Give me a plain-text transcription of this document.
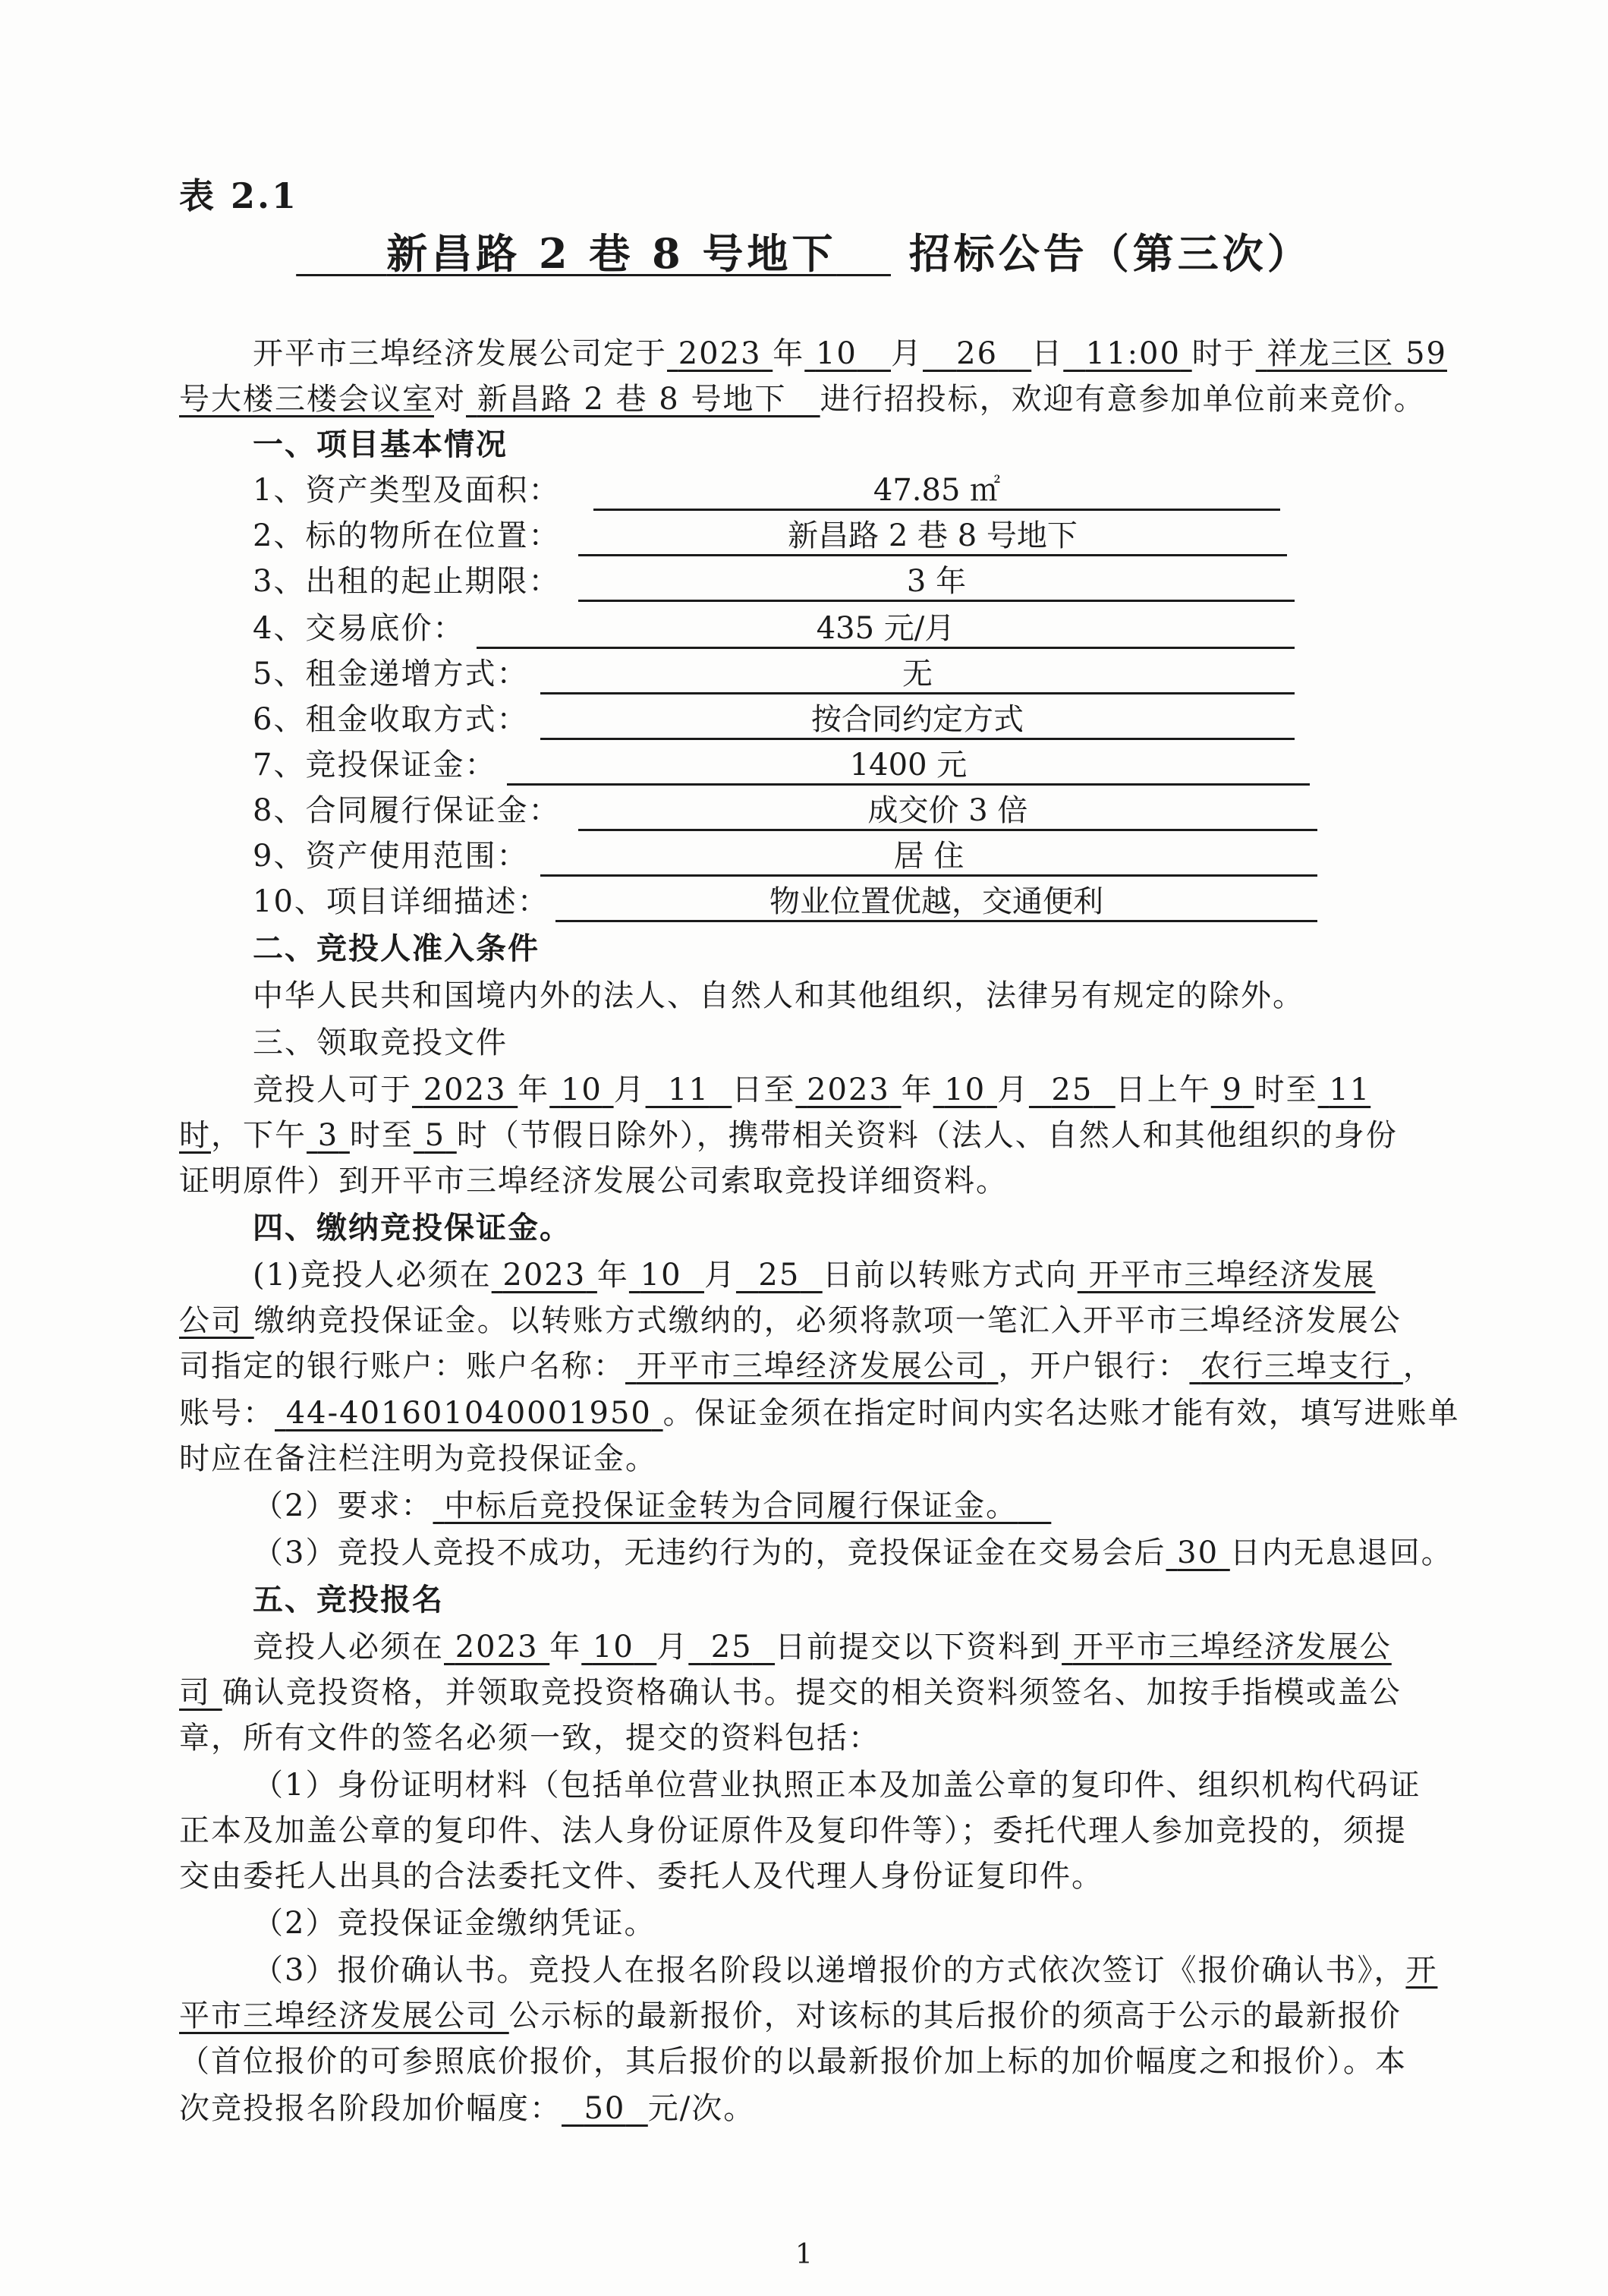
表 2.1
新昌路 2 巷 8 号地下 招标公告（第三次）
开平市三埠经济发展公司定于 2023 年 10 月 26 日 11:00 时于 祥龙三区 59
号大楼三楼会议室对 新昌路 2 巷 8 号地下 进行招投标，欢迎有意参加单位前来竞价。
一、项目基本情况
1、资产类型及面积：	47.85 ㎡
2、标的物所在位置：	新昌路 2 巷 8 号地下
3、出租的起止期限：	3 年
4、交易底价：	435 元/月
5、租金递增方式：	无
6、租金收取方式：	按合同约定方式
7、竞投保证金：	1400 元
8、合同履行保证金：	成交价 3 倍
9、资产使用范围：	居 住
10、项目详细描述：	物业位置优越，交通便利
二、竞投人准入条件
中华人民共和国境内外的法人、自然人和其他组织，法律另有规定的除外。
三、领取竞投文件
竞投人可于 2023 年 10 月 11 日至 2023 年 10 月 25 日上午 9 时至 11
时，下午 3 时至 5 时（节假日除外），携带相关资料（法人、自然人和其他组织的身份
证明原件）到开平市三埠经济发展公司索取竞投详细资料。
四、缴纳竞投保证金。
(1)竞投人必须在 2023 年 10 月 25 日前以转账方式向 开平市三埠经济发展
公司 缴纳竞投保证金。以转账方式缴纳的，必须将款项一笔汇入开平市三埠经济发展公
司指定的银行账户：账户名称： 开平市三埠经济发展公司 ，开户银行： 农行三埠支行 ，
账号： 44-401601040001950 。保证金须在指定时间内实名达账才能有效，填写进账单
时应在备注栏注明为竞投保证金。
（2）要求： 中标后竞投保证金转为合同履行保证金。
（3）竞投人竞投不成功，无违约行为的，竞投保证金在交易会后 30 日内无息退回。
五、竞投报名
竞投人必须在 2023 年 10 月 25 日前提交以下资料到 开平市三埠经济发展公
司 确认竞投资格，并领取竞投资格确认书。提交的相关资料须签名、加按手指模或盖公
章，所有文件的签名必须一致，提交的资料包括：
（1）身份证明材料（包括单位营业执照正本及加盖公章的复印件、组织机构代码证
正本及加盖公章的复印件、法人身份证原件及复印件等）；委托代理人参加竞投的，须提
交由委托人出具的合法委托文件、委托人及代理人身份证复印件。
（2）竞投保证金缴纳凭证。
（3）报价确认书。竞投人在报名阶段以递增报价的方式依次签订《报价确认书》，开
平市三埠经济发展公司 公示标的最新报价，对该标的其后报价的须高于公示的最新报价
（首位报价的可参照底价报价，其后报价的以最新报价加上标的加价幅度之和报价）。本
次竞投报名阶段加价幅度： 50 元/次。
1
